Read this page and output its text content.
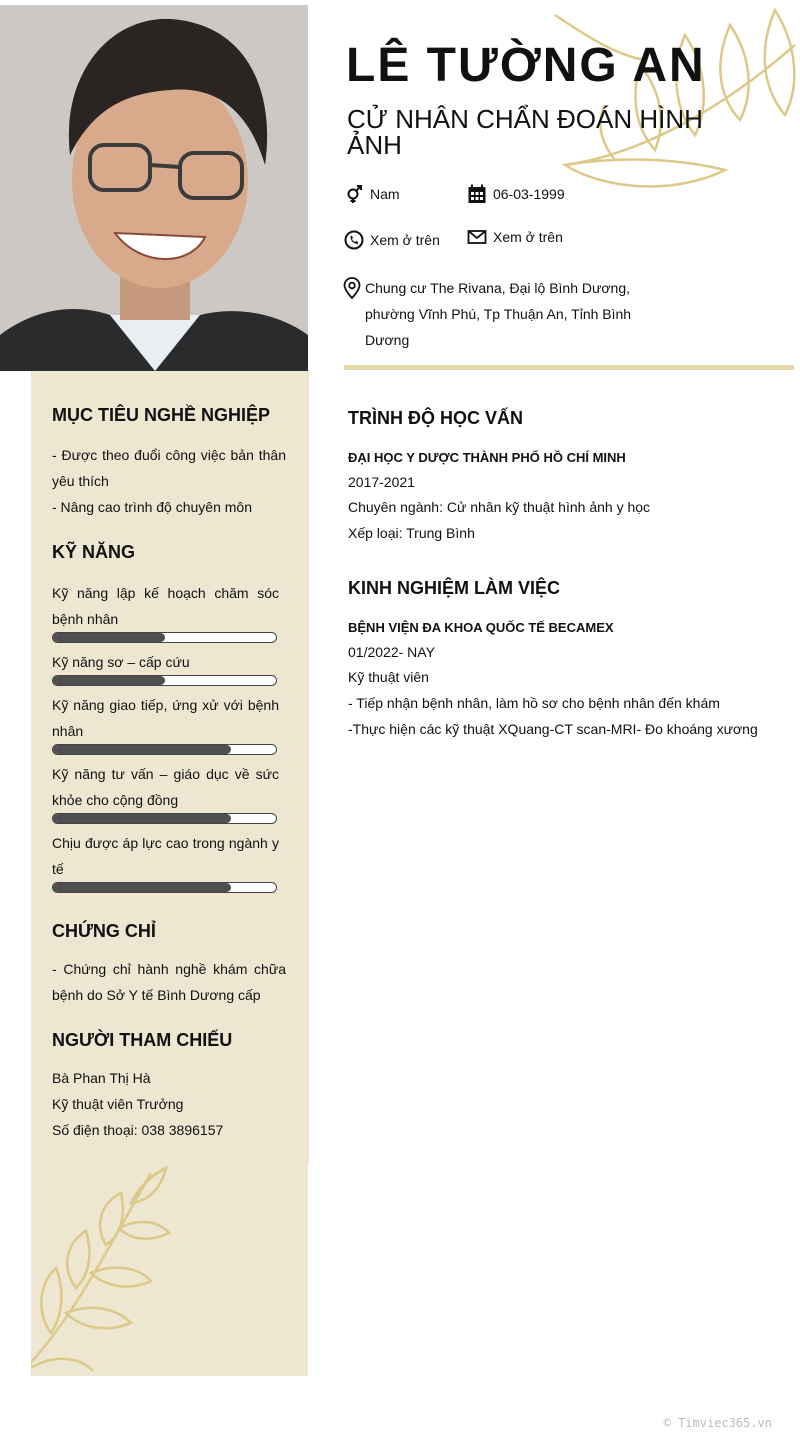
LÊ TƯỜNG AN
CỬ NHÂN CHẨN ĐOÁN HÌNH ẢNH
Nam	06-03-1999
Xem ở trên	Xem ở trên
Chung cư The Rivana, Đại lộ Bình Dương, phường Vĩnh Phú, Tp Thuận An, Tỉnh Bình Dương
MỤC TIÊU NGHỀ NGHIỆP
- Được theo đuổi công việc bản thân yêu thích
- Nâng cao trình độ chuyên môn
KỸ NĂNG
Kỹ năng lập kế hoạch chăm sóc bệnh nhân
Kỹ năng sơ – cấp cứu
Kỹ năng giao tiếp, ứng xử với bệnh nhân
Kỹ năng tư vấn – giáo dục về sức khỏe cho cộng đồng
Chịu được áp lực cao trong ngành y tế
CHỨNG CHỈ
- Chứng chỉ hành nghề khám chữa bệnh do Sở Y tế Bình Dương cấp
NGƯỜI THAM CHIẾU
Bà Phan Thị Hà
Kỹ thuật viên Trưởng
Số điện thoại: 038 3896157
TRÌNH ĐỘ HỌC VẤN
ĐẠI HỌC Y DƯỢC THÀNH PHỐ HỒ CHÍ MINH
2017-2021
Chuyên ngành: Cử nhân kỹ thuật hình ảnh y học
Xếp loại: Trung Bình
KINH NGHIỆM LÀM VIỆC
BỆNH VIỆN ĐA KHOA QUỐC TẾ BECAMEX
01/2022- NAY
Kỹ thuật viên
- Tiếp nhận bệnh nhân, làm hồ sơ cho bệnh nhân đến khám
-Thực hiện các kỹ thuật XQuang-CT scan-MRI- Đo khoáng xương
© Timviec365.vn
